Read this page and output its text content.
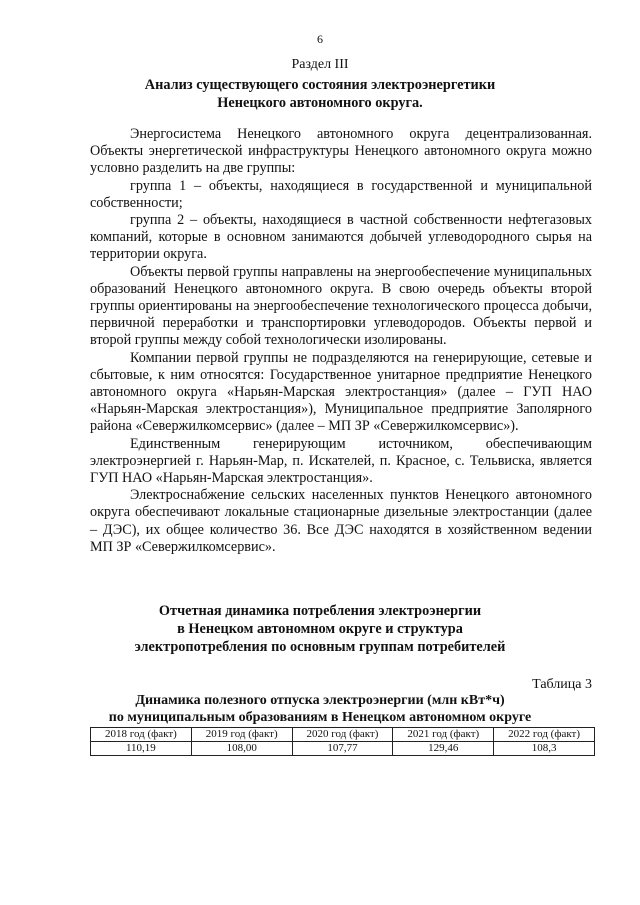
6
Раздел III
Анализ существующего состояния электроэнергетики
Ненецкого автономного округа.

Энергосистема Ненецкого автономного округа децентрализованная. Объекты энергетической инфраструктуры Ненецкого автономного округа можно условно разделить на две группы:

группа 1 – объекты, находящиеся в государственной и муниципальной собственности;

группа 2 – объекты, находящиеся в частной собственности нефтегазовых компаний, которые в основном занимаются добычей углеводородного сырья на территории округа.

Объекты первой группы направлены на энергообеспечение муниципальных образований Ненецкого автономного округа. В свою очередь объекты второй группы ориентированы на энергообеспечение технологического процесса добычи, первичной переработки и транспортировки углеводородов. Объекты первой и второй группы между собой технологически изолированы.

Компании первой группы не подразделяются на генерирующие, сетевые и сбытовые, к ним относятся: Государственное унитарное предприятие Ненецкого автономного округа «Нарьян-Марская электростанция» (далее – ГУП НАО «Нарьян-Марская электростанция»), Муниципальное предприятие Заполярного района «Севержилкомсервис» (далее – МП ЗР «Севержилкомсервис»).

Единственным генерирующим источником, обеспечивающим электроэнергией г. Нарьян-Мар, п. Искателей, п. Красное, с. Тельвиска, является ГУП НАО «Нарьян-Марская электростанция».

Электроснабжение сельских населенных пунктов Ненецкого автономного округа обеспечивают локальные стационарные дизельные электростанции (далее – ДЭС), их общее количество 36. Все ДЭС находятся в хозяйственном ведении МП ЗР «Севержилкомсервис».

Отчетная динамика потребления электроэнергии
в Ненецком автономном округе и структура
электропотребления по основным группам потребителей
Таблица 3
Динамика полезного отпуска электроэнергии (млн кВт*ч)
по муниципальным образованиям в Ненецком автономном округе
2018 год (факт)	2019 год (факт)	2020 год (факт)	2021 год (факт)	2022 год (факт)
110,19	108,00	107,77	129,46	108,3
